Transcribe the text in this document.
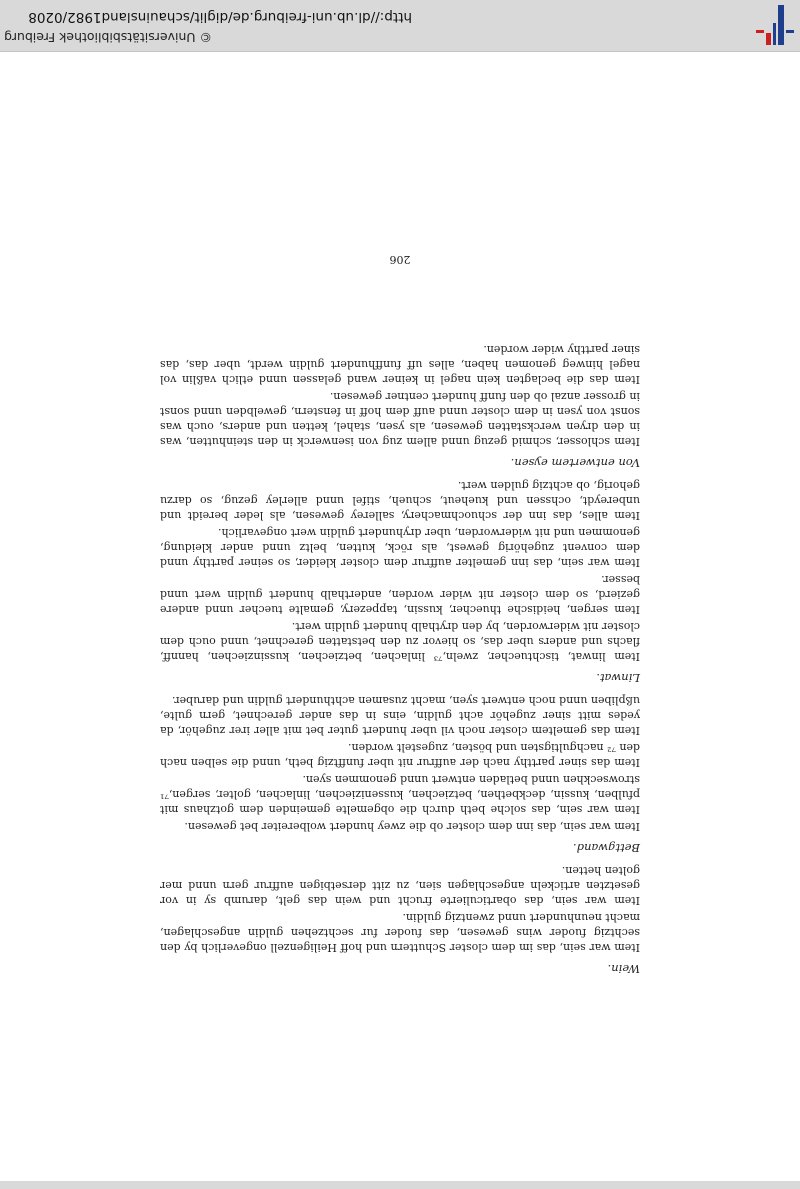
Wein.

Item war sein, das im dem closter Schuttern und hoff Heiligenzell ongeverlich by den sechtzig fuoder wins gewesen, das fuoder fur sechtzehen guldin angeschlagen, macht neunhundert unnd zwentzig guldin.

Item war sein, das obarticulierte frucht und wein das gelt, darumb sy in vor gesetzten artickeln angeschlagen sien, zu zitt dersetbigen auffrur gern unnd mer golten hetten.

Bettgwand.

Item war sein, das inn dem closter ob die zwey hundert wolbereiter bet gewesen.

Item war sein, das solche beth durch die obgemelte gemeinden dem gotzhaus mit pfulben, kussin, deckbethen, betziechen, kusseniziechen, linlachen, golter, sergen,⁷¹ strowseckhen unnd betladen entwert unnd genommen syen.

Item das siner partthy nach der auffrur nit uber funfftzig beth, unnd die selben nach den ⁷² nachgultigsten und bösten, zugestelt worden.

Item das gemeltem closter noch vil uber hundert guter bet mit aller irer zugehör, da yedes mitt siner zugehör acht guldin, eins in das ander gerechnet, gern gulte, ußpliben unnd noch entwert syen, macht zusamen achthundert guldin und daruber.

Linwat.

Item linwat, tischtuecher, zweln,⁷³ linlachen, betziechen, kussinziechen, hannff, flachs und anders uber das, so hievor zu den betstatten gerechnet, unnd ouch dem closter nit widerworden, by den drythalb hundert guldin wert.

Item sergen, heidische thuecher, kussin, tappezery, gemalte tuecher unnd andere gezierd, so dem closter nit wider worden, anderthalb hundert guldin wert unnd besser.

Item war sein, das inn gemelter auffrur dem closter kleider, so seiner partthy unnd dem convent zugehörig gewest, als röck, kutten, beltz unnd ander kleidung, genommen und nit widerworden, uber dryhundert guldin wert ongevarlich.

Item alles, das inn der schuochmachery, sallerey gewesen, als leder bereidt und unbereydt, ochssen und kueheut, schueh, stifel unnd allerley gezug, so darzu gehorig, ob achtzig gulden wert.

Von entwertem eysen.

Item schlosser, schmid gezug unnd allem zug von isenwerck in den steinhutten, was in den dryen werckstatten gewesen, als ysen, stahel, ketten und anders, ouch was sonst von ysen in dem closter unnd auff dem hoff in fenstern, gewelbden unnd sonst in grosser anzal ob den funff hundert centner gewesen.

Item das die beclagten kein nagel in keiner wand gelassen unnd etlich vaßlin vol nagel hinweg genomen haben, alles uff funffhundert guldin werdt, uber das, das siner partthy wider worden.

206
© Universitätsbibliothek Freiburg
http://dl.ub.uni-freiburg.de/diglit/schauinsland1982/0208
